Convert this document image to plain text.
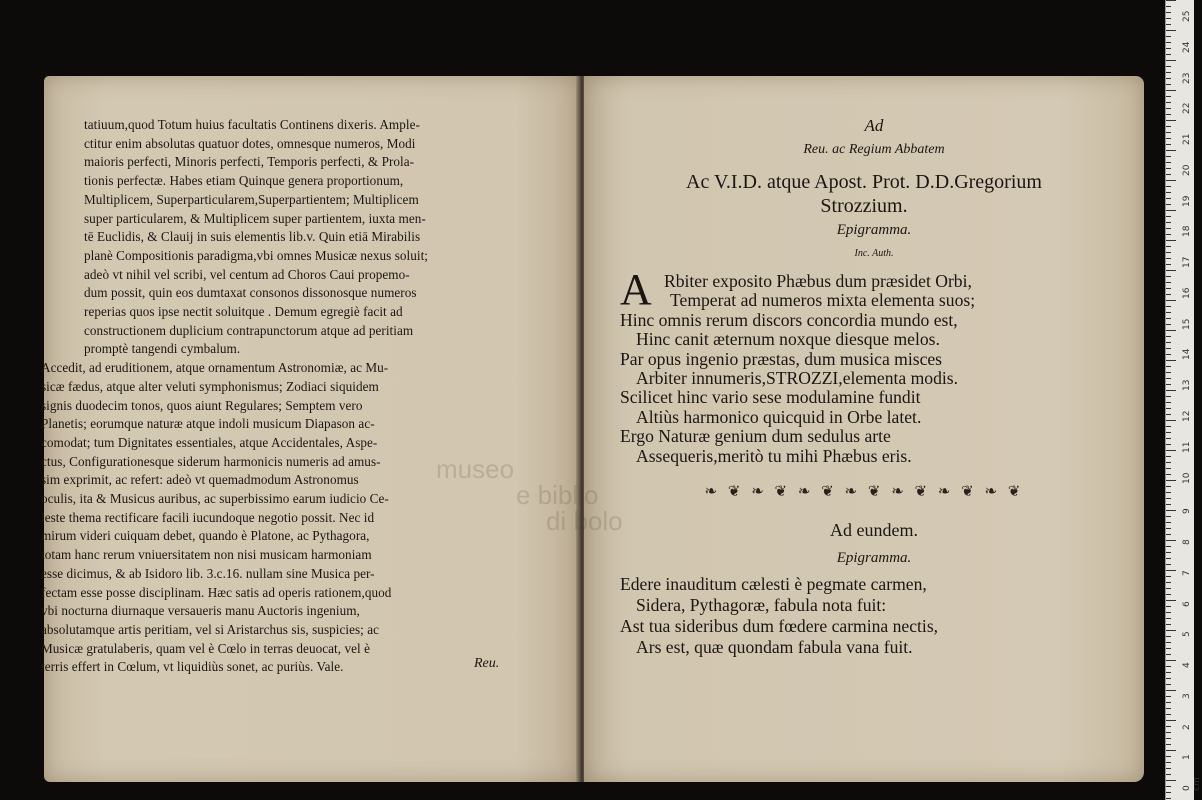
tatiuum,quod Totum huius facultatis Continens dixeris. Ample-
ctitur enim absolutas quatuor dotes, omnesque numeros, Modi
maioris perfecti, Minoris perfecti, Temporis perfecti, & Prola-
tionis perfectæ. Habes etiam Quinque genera proportionum,
Multiplicem, Superparticularem,Superpartientem; Multiplicem
super particularem, & Multiplicem super partientem, iuxta men-
tē Euclidis, & Clauij in suis elementis lib.v. Quin etiā Mirabilis
planè Compositionis paradigma,vbi omnes Musicæ nexus soluit;
adeò vt nihil vel scribi, vel centum ad Choros Caui propemo-
dum possit, quin eos dumtaxat consonos dissonosque numeros
reperias quos ipse nectit soluitque . Demum egregiè facit ad
constructionem duplicium contrapunctorum atque ad peritiam
promptè tangendi cymbalum.
Accedit, ad eruditionem, atque ornamentum Astronomiæ, ac Mu-
sicæ fædus, atque alter veluti symphonismus; Zodiaci siquidem
signis duodecim tonos, quos aiunt Regulares; Semptem vero
Planetis; eorumque naturæ atque indoli musicum Diapason ac-
comodat; tum Dignitates essentiales, atque Accidentales, Aspe-
ctus, Configurationesque siderum harmonicis numeris ad amus-
sim exprimit, ac refert: adeò vt quemadmodum Astronomus
oculis, ita & Musicus auribus, ac superbissimo earum iudicio Ce-
leste thema rectificare facili iucundoque negotio possit. Nec id
mirum videri cuiquam debet, quando è Platone, ac Pythagora,
totam hanc rerum vniuersitatem non nisi musicam harmoniam
esse dicimus, & ab Isidoro lib. 3.c.16. nullam sine Musica per-
fectam esse posse disciplinam. Hæc satis ad operis rationem,quod
vbi nocturna diurnaque versaueris manu Auctoris ingenium,
absolutamque artis peritiam, vel si Aristarchus sis, suspicies; ac
Musicæ gratulaberis, quam vel è Cœlo in terras deuocat, vel è
terris effert in Cœlum, vt liquidiùs sonet, ac puriùs. Vale.	Reu.
Ad
Reu. ac Regium Abbatem
Ac V.I.D. atque Apost. Prot. D.D.Gregorium
Strozzium.
Epigramma.
Inc. Auth.
A Rbiter exposito Phæbus dum præsidet Orbi,
Temperat ad numeros mixta elementa suos;
Hinc omnis rerum discors concordia mundo est,
Hinc canit æternum noxque diesque melos.
Par opus ingenio præstas, dum musica misces
Arbiter innumeris,STROZZI,elementa modis.
Scilicet hinc vario sese modulamine fundit
Altiùs harmonico quicquid in Orbe latet.
Ergo Naturæ genium dum sedulus arte
Assequeris,meritò tu mihi Phæbus eris.
❧ ❦ ❧ ❦ ❧ ❦ ❧ ❦ ❧ ❦ ❧ ❦ ❧ ❦
Ad eundem.
Epigramma.
Edere inauditum cælesti è pegmate carmen,
Sidera, Pythagoræ, fabula nota fuit:
Ast tua sideribus dum fœdere carmina nectis,
Ars est, quæ quondam fabula vana fuit.
25
24
23
22
21
20
19
18
17
16
15
14
13
12
11
10
9
8
7
6
5
4
3
2
1
0 cm
